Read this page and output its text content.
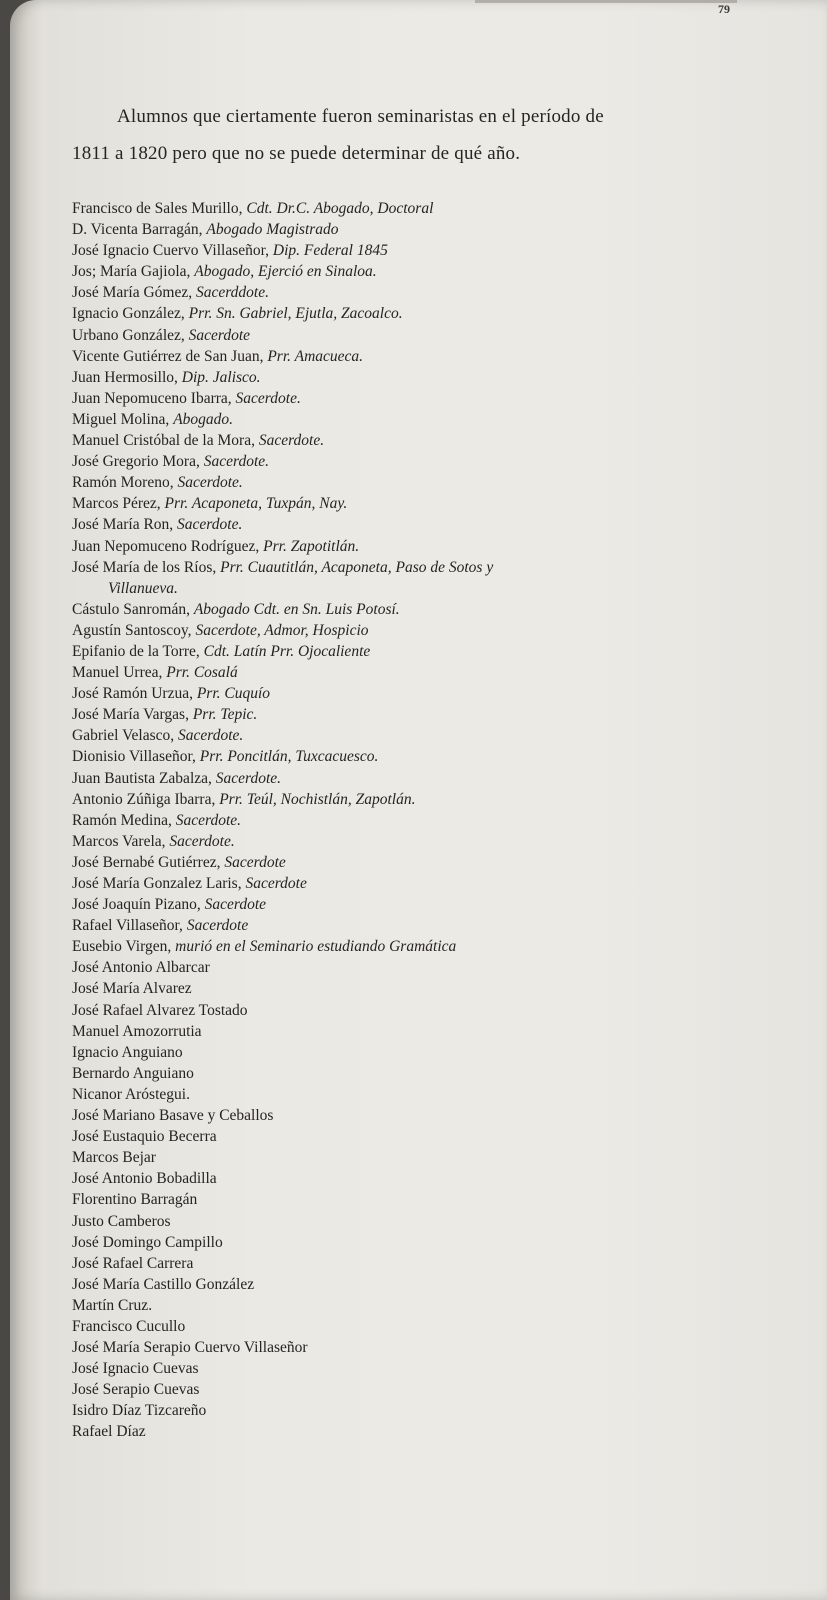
79
Alumnos que ciertamente fueron seminaristas en el período de
1811 a 1820 pero que no se puede determinar de qué año.
Francisco de Sales Murillo, Cdt. Dr.C. Abogado, Doctoral
D. Vicenta Barragán, Abogado Magistrado
José Ignacio Cuervo Villaseñor, Dip. Federal 1845
Jos; María Gajiola, Abogado, Ejerció en Sinaloa.
José María Gómez, Sacerddote.
Ignacio González, Prr. Sn. Gabriel, Ejutla, Zacoalco.
Urbano González, Sacerdote
Vicente Gutiérrez de San Juan, Prr. Amacueca.
Juan Hermosillo, Dip. Jalisco.
Juan Nepomuceno Ibarra, Sacerdote.
Miguel Molina, Abogado.
Manuel Cristóbal de la Mora, Sacerdote.
José Gregorio Mora, Sacerdote.
Ramón Moreno, Sacerdote.
Marcos Pérez, Prr. Acaponeta, Tuxpán, Nay.
José María Ron, Sacerdote.
Juan Nepomuceno Rodríguez, Prr. Zapotitlán.
José María de los Ríos, Prr. Cuautitlán, Acaponeta, Paso de Sotos y
Villanueva.
Cástulo Sanromán, Abogado Cdt. en Sn. Luis Potosí.
Agustín Santoscoy, Sacerdote, Admor, Hospicio
Epifanio de la Torre, Cdt. Latín Prr. Ojocaliente
Manuel Urrea, Prr. Cosalá
José Ramón Urzua, Prr. Cuquío
José María Vargas, Prr. Tepic.
Gabriel Velasco, Sacerdote.
Dionisio Villaseñor, Prr. Poncitlán, Tuxcacuesco.
Juan Bautista Zabalza, Sacerdote.
Antonio Zúñiga Ibarra, Prr. Teúl, Nochistlán, Zapotlán.
Ramón Medina, Sacerdote.
Marcos Varela, Sacerdote.
José Bernabé Gutiérrez, Sacerdote
José María Gonzalez Laris, Sacerdote
José Joaquín Pizano, Sacerdote
Rafael Villaseñor, Sacerdote
Eusebio Virgen, murió en el Seminario estudiando Gramática
José Antonio Albarcar
José María Alvarez
José Rafael Alvarez Tostado
Manuel Amozorrutia
Ignacio Anguiano
Bernardo Anguiano
Nicanor Aróstegui.
José Mariano Basave y Ceballos
José Eustaquio Becerra
Marcos Bejar
José Antonio Bobadilla
Florentino Barragán
Justo Camberos
José Domingo Campillo
José Rafael Carrera
José María Castillo González
Martín Cruz.
Francisco Cucullo
José María Serapio Cuervo Villaseñor
José Ignacio Cuevas
José Serapio Cuevas
Isidro Díaz Tizcareño
Rafael Díaz
